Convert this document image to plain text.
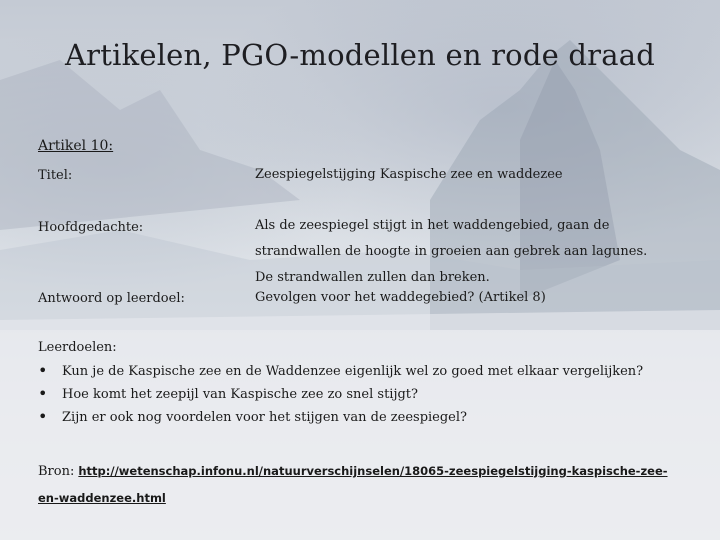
Artikelen, PGO-modellen en rode draad
Artikel 10:
Titel:	Zeespiegelstijging Kaspische zee en waddezee
Hoofdgedachte:	Als de zeespiegel stijgt in het waddengebied, gaan de
strandwallen de hoogte in groeien aan gebrek aan lagunes.
De strandwallen zullen dan breken.
Antwoord op leerdoel:	Gevolgen voor het waddegebied? (Artikel 8)
Leerdoelen:
• Kun je de Kaspische zee en de Waddenzee eigenlijk wel zo goed met elkaar vergelijken?
• Hoe komt het zeepijl van Kaspische zee zo snel stijgt?
• Zijn er ook nog voordelen voor het stijgen van de zeespiegel?
Bron: http://wetenschap.infonu.nl/natuurverschijnselen/18065-zeespiegelstijging-kaspische-zee-en-waddenzee.html
